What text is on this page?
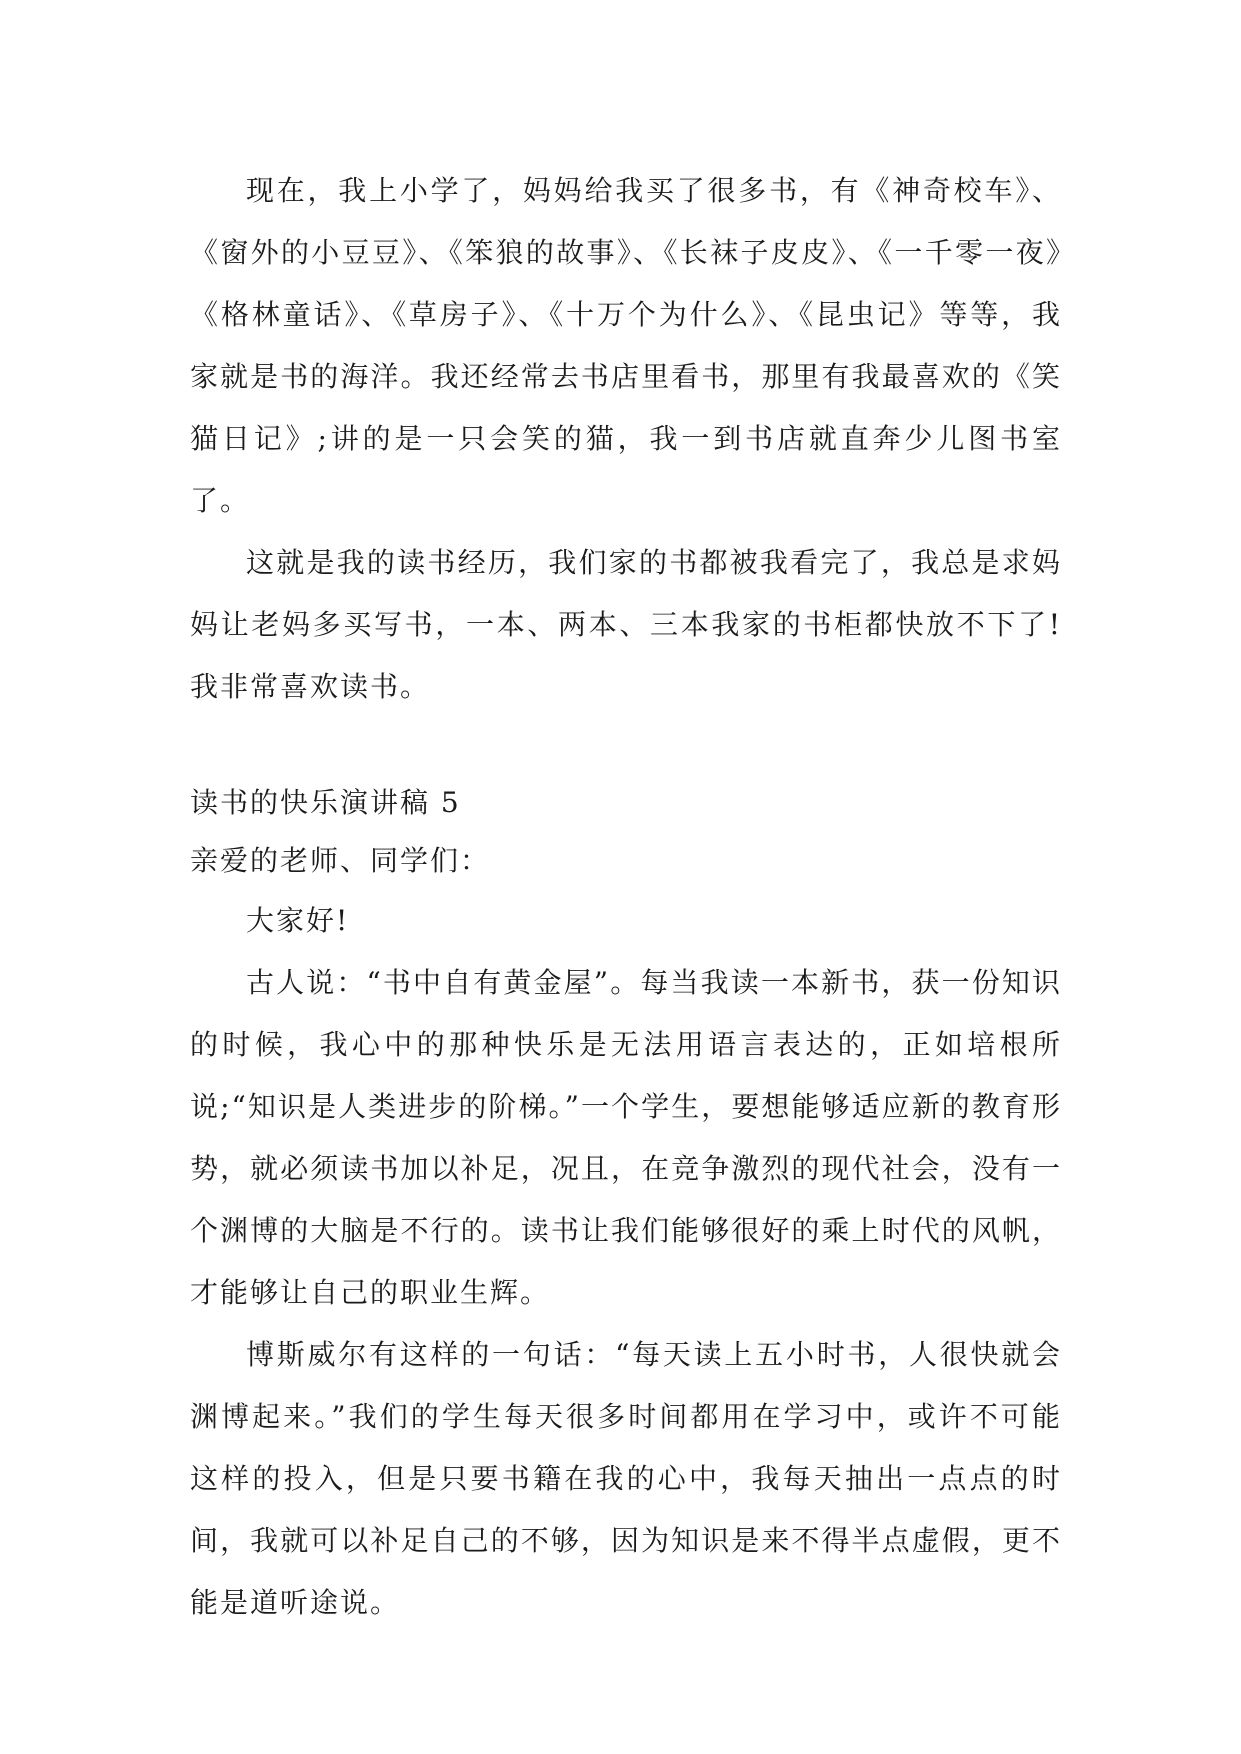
现在，我上小学了，妈妈给我买了很多书，有《神奇校车》、《窗外的小豆豆》、《笨狼的故事》、《长袜子皮皮》、《一千零一夜》《格林童话》、《草房子》、《十万个为什么》、《昆虫记》等等，我家就是书的海洋。我还经常去书店里看书，那里有我最喜欢的《笑猫日记》;讲的是一只会笑的猫，我一到书店就直奔少儿图书室了。

这就是我的读书经历，我们家的书都被我看完了，我总是求妈妈让老妈多买写书，一本、两本、三本我家的书柜都快放不下了!我非常喜欢读书。

读书的快乐演讲稿 5

亲爱的老师、同学们：

大家好!

古人说：“书中自有黄金屋”。每当我读一本新书，获一份知识的时候，我心中的那种快乐是无法用语言表达的，正如培根所说;“知识是人类进步的阶梯。”一个学生，要想能够适应新的教育形势，就必须读书加以补足，况且，在竞争激烈的现代社会，没有一个渊博的大脑是不行的。读书让我们能够很好的乘上时代的风帆，才能够让自己的职业生辉。

博斯威尔有这样的一句话：“每天读上五小时书，人很快就会渊博起来。”我们的学生每天很多时间都用在学习中，或许不可能这样的投入，但是只要书籍在我的心中，我每天抽出一点点的时间，我就可以补足自己的不够，因为知识是来不得半点虚假，更不能是道听途说。
